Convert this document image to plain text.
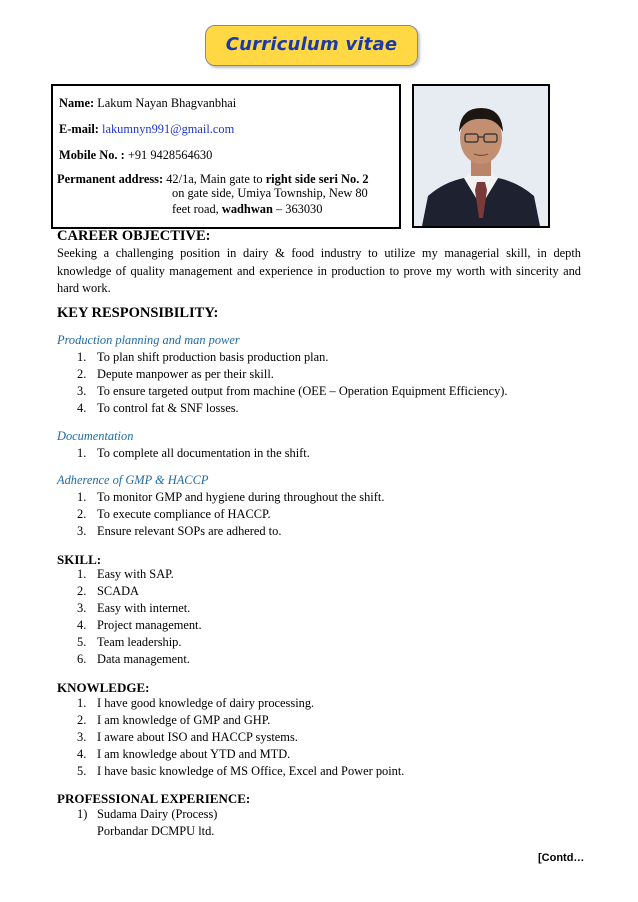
Curriculum vitae
Name: Lakum Nayan Bhagvanbhai
E-mail: lakumnyn991@gmail.com
Mobile No. : +91 9428564630
Permanent address: 42/1a, Main gate to right side seri No. 2
on gate side, Umiya Township, New 80
feet road, wadhwan – 363030
CAREER OBJECTIVE:
Seeking a challenging position in dairy & food industry to utilize my managerial skill, in depth knowledge of quality management and experience in production to prove my worth with sincerity and hard work.
KEY RESPONSIBILITY:
Production planning and man power
1. To plan shift production basis production plan.
2. Depute manpower as per their skill.
3. To ensure targeted output from machine (OEE – Operation Equipment Efficiency).
4. To control fat & SNF losses.
Documentation
1. To complete all documentation in the shift.
Adherence of GMP & HACCP
1. To monitor GMP and hygiene during throughout the shift.
2. To execute compliance of HACCP.
3. Ensure relevant SOPs are adhered to.
SKILL:
1. Easy with SAP.
2. SCADA
3. Easy with internet.
4. Project management.
5. Team leadership.
6. Data management.
KNOWLEDGE:
1. I have good knowledge of dairy processing.
2. I am knowledge of GMP and GHP.
3. I aware about ISO and HACCP systems.
4. I am knowledge about YTD and MTD.
5. I have basic knowledge of MS Office, Excel and Power point.
PROFESSIONAL EXPERIENCE:
1) Sudama Dairy (Process)
Porbandar DCMPU ltd.
[Contd…
